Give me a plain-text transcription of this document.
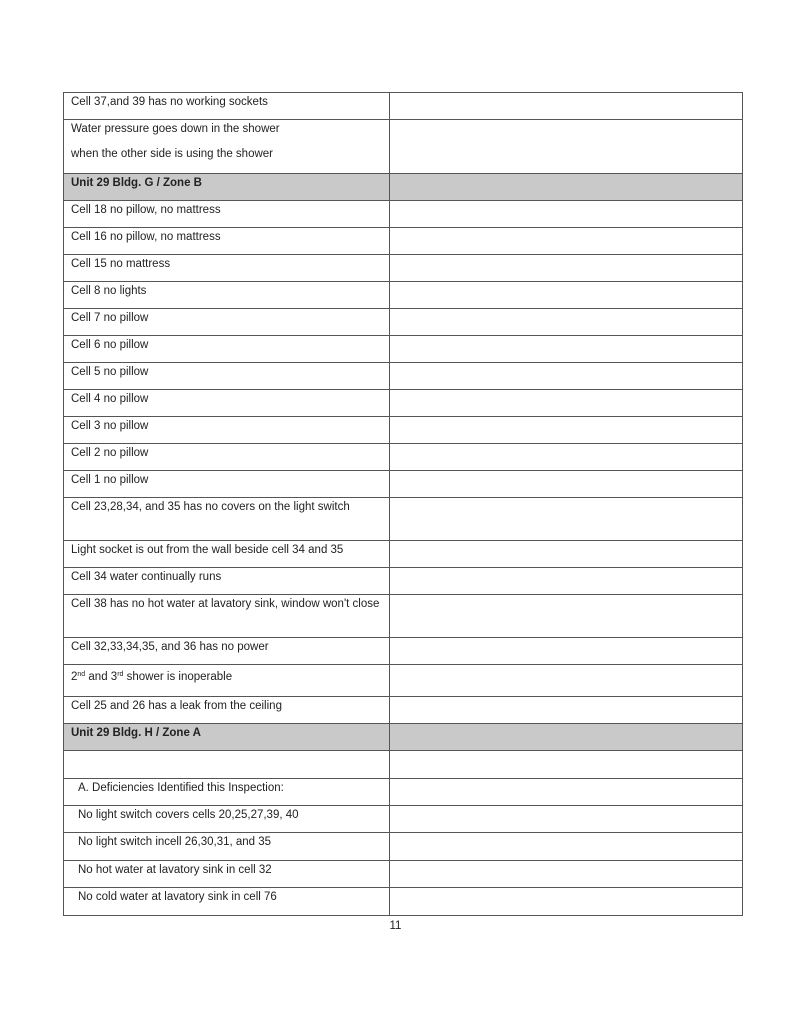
Cell 37,and 39 has no working sockets	
Water pressure goes down in the shower
when the other side is using the shower	

Unit 29 Bldg. G / Zone B	
Cell 18 no pillow, no mattress	
Cell 16 no pillow, no mattress	
Cell 15 no mattress	
Cell 8 no lights	
Cell 7 no pillow	
Cell 6 no pillow	
Cell 5 no pillow	
Cell 4 no pillow	
Cell 3 no pillow	
Cell 2 no pillow	
Cell 1 no pillow	
Cell 23,28,34, and 35 has no covers on the light switch	
Light socket is out from the wall beside cell 34 and 35	
Cell 34 water continually runs	
Cell 38 has no hot water at lavatory sink, window won't close	
Cell 32,33,34,35, and 36 has no power	
2nd and 3rd shower is inoperable	
Cell 25 and 26 has a leak from the ceiling	
Unit 29 Bldg. H / Zone A	

A. Deficiencies Identified this Inspection:	
No light switch covers cells 20,25,27,39, 40	
No light switch incell 26,30,31, and 35	
No hot water at lavatory sink in cell 32	
No cold water at lavatory sink in cell 76	
11
